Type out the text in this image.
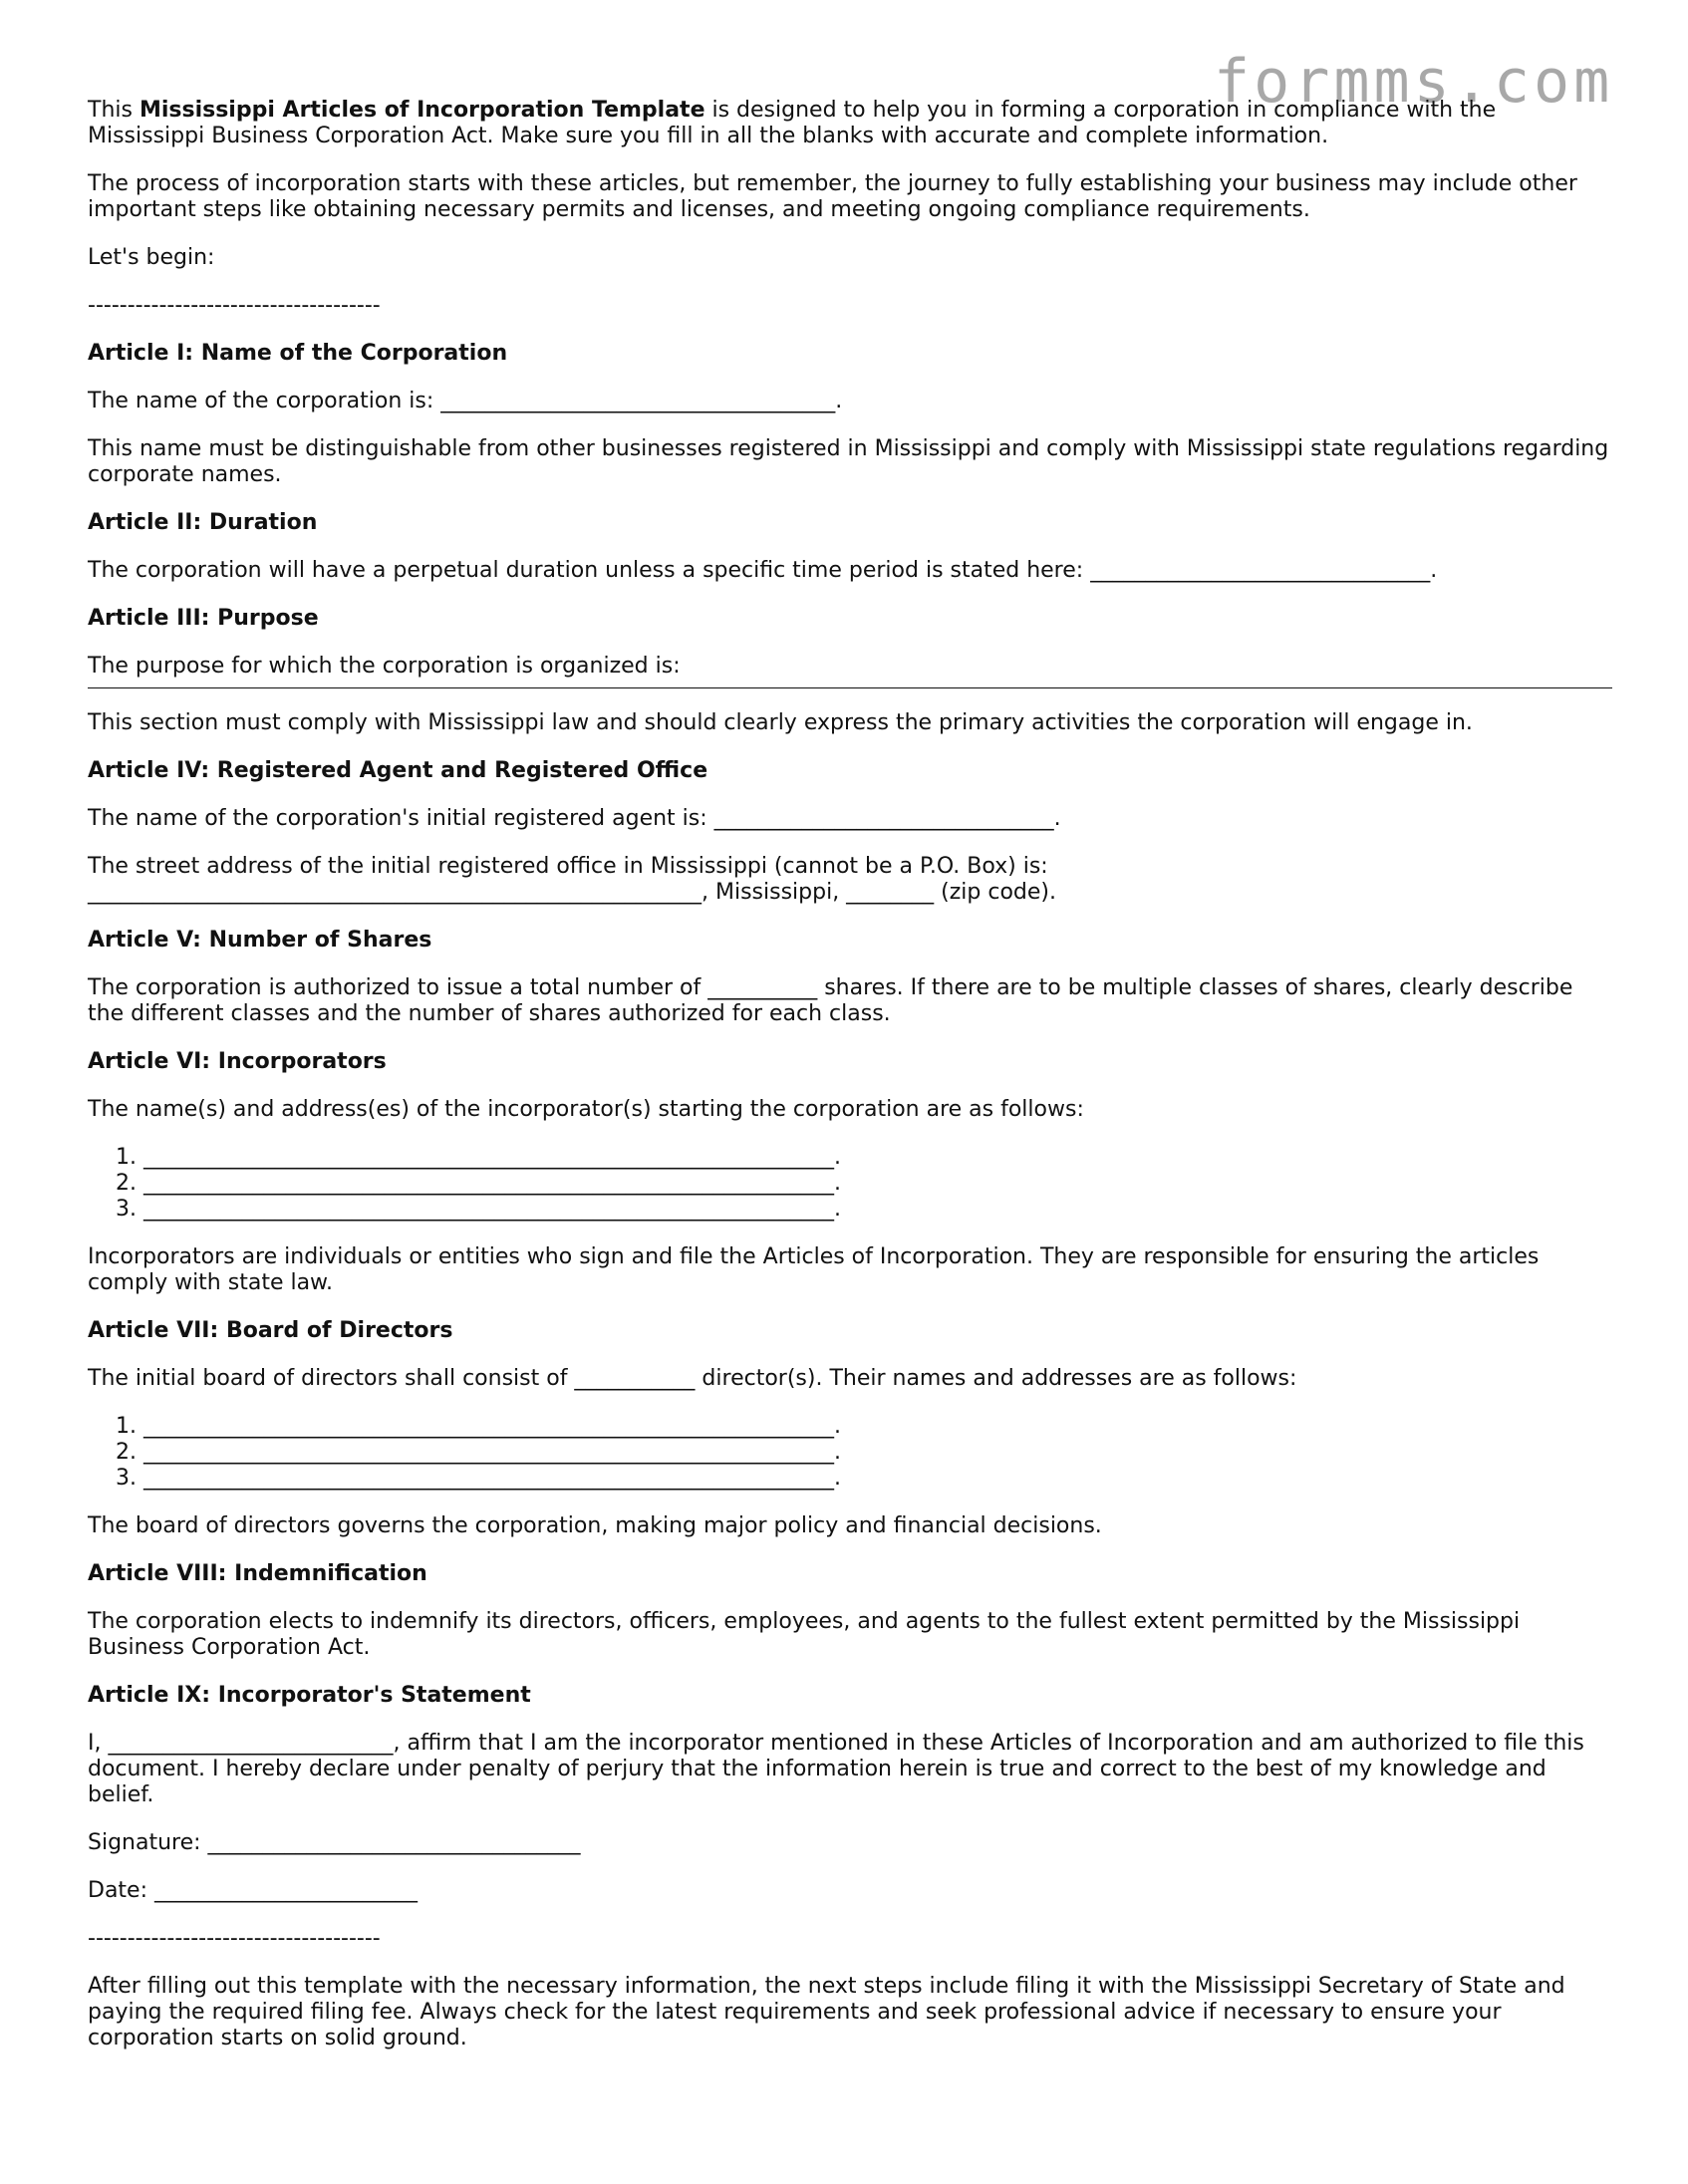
formms.com

This Mississippi Articles of Incorporation Template is designed to help you in forming a corporation in compliance with the Mississippi Business Corporation Act. Make sure you fill in all the blanks with accurate and complete information.

The process of incorporation starts with these articles, but remember, the journey to fully establishing your business may include other important steps like obtaining necessary permits and licenses, and meeting ongoing compliance requirements.

Let's begin:

-------------------------------------

Article I: Name of the Corporation

The name of the corporation is: ____________________________________.

This name must be distinguishable from other businesses registered in Mississippi and comply with Mississippi state regulations regarding corporate names.

Article II: Duration

The corporation will have a perpetual duration unless a specific time period is stated here: _______________________________.

Article III: Purpose

The purpose for which the corporation is organized is:

This section must comply with Mississippi law and should clearly express the primary activities the corporation will engage in.

Article IV: Registered Agent and Registered Office

The name of the corporation's initial registered agent is: _______________________________.

The street address of the initial registered office in Mississippi (cannot be a P.O. Box) is:
________________________________________________________, Mississippi, ________ (zip code).

Article V: Number of Shares

The corporation is authorized to issue a total number of __________ shares. If there are to be multiple classes of shares, clearly describe the different classes and the number of shares authorized for each class.

Article VI: Incorporators

The name(s) and address(es) of the incorporator(s) starting the corporation are as follows:

1. _______________________________________________________________.
2. _______________________________________________________________.
3. _______________________________________________________________.

Incorporators are individuals or entities who sign and file the Articles of Incorporation. They are responsible for ensuring the articles comply with state law.

Article VII: Board of Directors

The initial board of directors shall consist of ___________ director(s). Their names and addresses are as follows:

1. _______________________________________________________________.
2. _______________________________________________________________.
3. _______________________________________________________________.

The board of directors governs the corporation, making major policy and financial decisions.

Article VIII: Indemnification

The corporation elects to indemnify its directors, officers, employees, and agents to the fullest extent permitted by the Mississippi Business Corporation Act.

Article IX: Incorporator's Statement

I, __________________________, affirm that I am the incorporator mentioned in these Articles of Incorporation and am authorized to file this document. I hereby declare under penalty of perjury that the information herein is true and correct to the best of my knowledge and belief.

Signature: __________________________________

Date: ________________________

-------------------------------------

After filling out this template with the necessary information, the next steps include filing it with the Mississippi Secretary of State and paying the required filing fee. Always check for the latest requirements and seek professional advice if necessary to ensure your corporation starts on solid ground.
